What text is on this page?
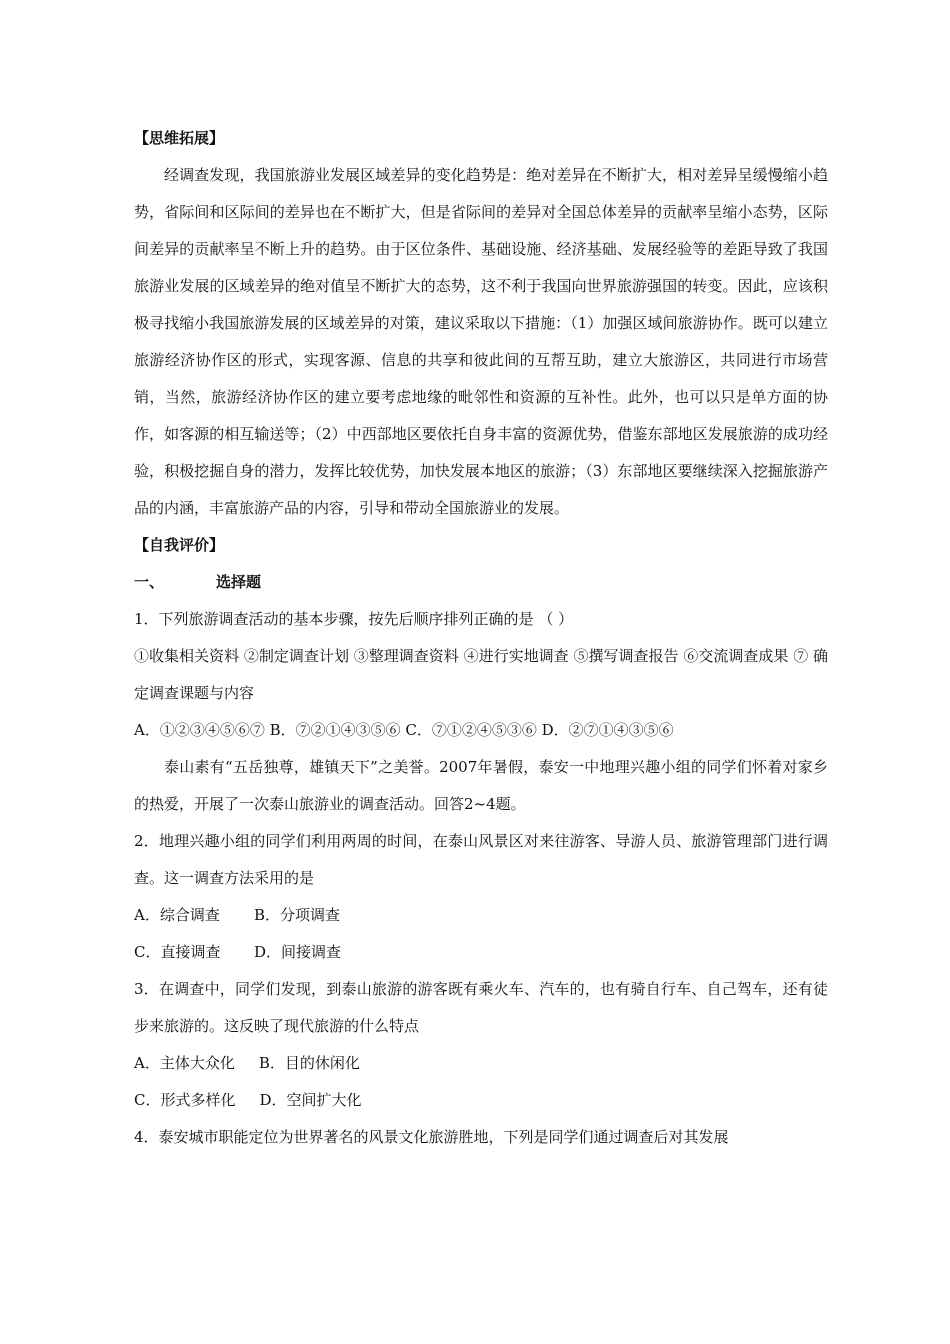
【思维拓展】

经调查发现，我国旅游业发展区域差异的变化趋势是：绝对差异在不断扩大，相对差异呈缓慢缩小趋势，省际间和区际间的差异也在不断扩大，但是省际间的差异对全国总体差异的贡献率呈缩小态势，区际间差异的贡献率呈不断上升的趋势。由于区位条件、基础设施、经济基础、发展经验等的差距导致了我国旅游业发展的区域差异的绝对值呈不断扩大的态势，这不利于我国向世界旅游强国的转变。因此，应该积极寻找缩小我国旅游发展的区域差异的对策，建议采取以下措施：（1）加强区域间旅游协作。既可以建立旅游经济协作区的形式，实现客源、信息的共享和彼此间的互帮互助，建立大旅游区，共同进行市场营销，当然，旅游经济协作区的建立要考虑地缘的毗邻性和资源的互补性。此外，也可以只是单方面的协作，如客源的相互输送等；（2）中西部地区要依托自身丰富的资源优势，借鉴东部地区发展旅游的成功经验，积极挖掘自身的潜力，发挥比较优势，加快发展本地区的旅游；（3）东部地区要继续深入挖掘旅游产品的内涵，丰富旅游产品的内容，引导和带动全国旅游业的发展。

【自我评价】

一、	选择题

1．下列旅游调查活动的基本步骤，按先后顺序排列正确的是 （ ）

①收集相关资料 ②制定调查计划 ③整理调查资料 ④进行实地调查 ⑤撰写调查报告 ⑥交流调查成果 ⑦ 确定调查课题与内容

A．①②③④⑤⑥⑦ B．⑦②①④③⑤⑥ C．⑦①②④⑤③⑥ D．②⑦①④③⑤⑥

泰山素有“五岳独尊，雄镇天下”之美誉。2007年暑假，泰安一中地理兴趣小组的同学们怀着对家乡的热爱，开展了一次泰山旅游业的调查活动。回答2~4题。

2．地理兴趣小组的同学们利用两周的时间，在泰山风景区对来往游客、导游人员、旅游管理部门进行调查。这一调查方法采用的是

A．综合调查 B．分项调查

C．直接调查 D．间接调查

3．在调查中，同学们发现，到泰山旅游的游客既有乘火车、汽车的，也有骑自行车、自己驾车，还有徒步来旅游的。这反映了现代旅游的什么特点

A．主体大众化 B．目的休闲化

C．形式多样化 D．空间扩大化

4．泰安城市职能定位为世界著名的风景文化旅游胜地，下列是同学们通过调查后对其发展
